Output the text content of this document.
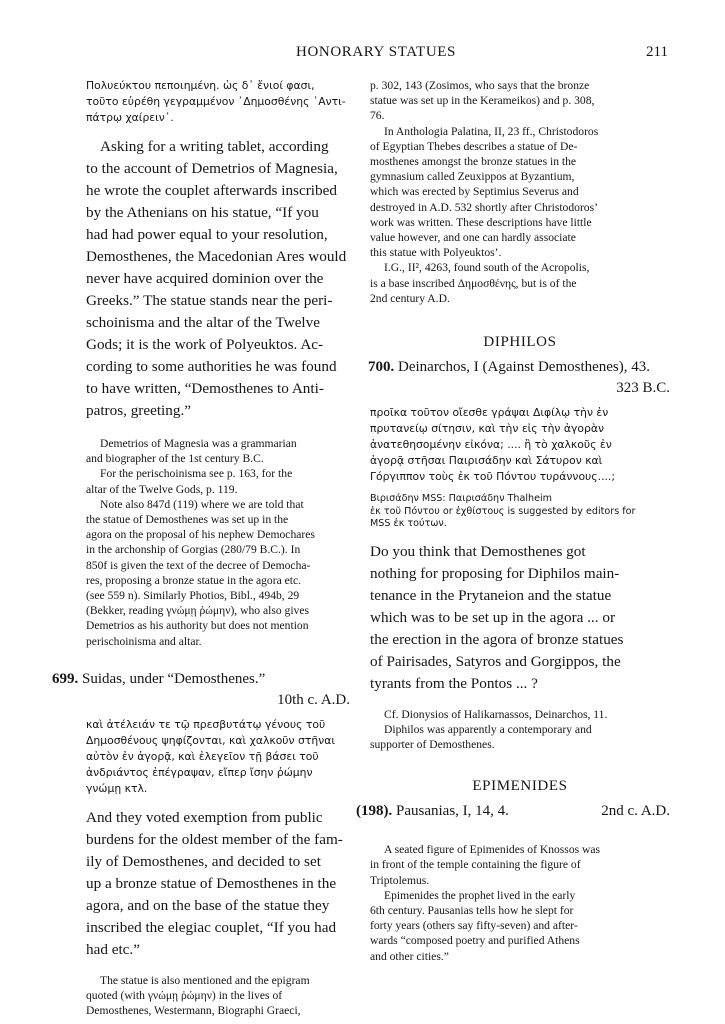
HONORARY STATUES	211

Πολυεύκτου πεποιημένη. ὡς δ᾽ ἔνιοί φασι,

τοῦτο εὑρέθη γεγραμμένον ᾽Δημοσθένης ᾽Αντι-

πάτρῳ χαίρειν᾽.

Asking for a writing tablet, according

to the account of Demetrios of Magnesia,

he wrote the couplet afterwards inscribed

by the Athenians on his statue, “If you

had had power equal to your resolution,

Demosthenes, the Macedonian Ares would

never have acquired dominion over the

Greeks.” The statue stands near the peri-

schoinisma and the altar of the Twelve

Gods; it is the work of Polyeuktos. Ac-

cording to some authorities he was found

to have written, “Demosthenes to Anti-

patros, greeting.”

Demetrios of Magnesia was a grammarian

and biographer of the 1st century B.C.

For the perischoinisma see p. 163, for the

altar of the Twelve Gods, p. 119.

Note also 847d (119) where we are told that

the statue of Demosthenes was set up in the

agora on the proposal of his nephew Demochares

in the archonship of Gorgias (280/79 B.C.). In

850f is given the text of the decree of Democha-

res, proposing a bronze statue in the agora etc.

(see 559 n). Similarly Photios, Bibl., 494b, 29

(Bekker, reading γνώμῃ ῥώμην), who also gives

Demetrios as his authority but does not mention

perischoinisma and altar.

699. Suidas, under “Demosthenes.”

10th c. A.D.

καὶ ἀτέλειάν τε τῷ πρεσβυτάτῳ γένους τοῦ

Δημοσθένους ψηφίζονται, καὶ χαλκοῦν στῆναι

αὐτὸν ἐν ἀγορᾷ, καὶ ἐλεγεῖον τῇ βάσει τοῦ

ἀνδριάντος ἐπέγραψαν, εἴπερ ἴσην ῥώμην

γνώμῃ κτλ.

And they voted exemption from public

burdens for the oldest member of the fam-

ily of Demosthenes, and decided to set

up a bronze statue of Demosthenes in the

agora, and on the base of the statue they

inscribed the elegiac couplet, “If you had

had etc.”

The statue is also mentioned and the epigram

quoted (with γνώμῃ ῥώμην) in the lives of

Demosthenes, Westermann, Biographi Graeci,

p. 302, 143 (Zosimos, who says that the bronze

statue was set up in the Kerameikos) and p. 308,

76.

In Anthologia Palatina, II, 23 ff., Christodoros

of Egyptian Thebes describes a statue of De-

mosthenes amongst the bronze statues in the

gymnasium called Zeuxippos at Byzantium,

which was erected by Septimius Severus and

destroyed in A.D. 532 shortly after Christodoros’

work was written. These descriptions have little

value however, and one can hardly associate

this statue with Polyeuktos’.

I.G., II², 4263, found south of the Acropolis,

is a base inscribed Δημοσθένης, but is of the

2nd century A.D.

DIPHILOS

700. Deinarchos, I (Against Demosthenes), 43.

323 B.C.

προῖκα τοῦτον οἴεσθε γράψαι Διφίλῳ τὴν ἐν

πρυτανείῳ σίτησιν, καὶ τὴν εἰς τὴν ἀγορὰν

ἀνατεθησομένην εἰκόνα; .... ἢ τὸ χαλκοῦς ἐν

ἀγορᾷ στῆσαι Παιρισάδην καὶ Σάτυρον καὶ

Γόργιππον τοὺς ἐκ τοῦ Πόντου τυράννους....;

Βιρισάδην MSS: Παιρισάδην Thalheim

ἐκ τοῦ Πόντου or ἐχθίστους is suggested by editors for

MSS ἐκ τούτων.

Do you think that Demosthenes got

nothing for proposing for Diphilos main-

tenance in the Prytaneion and the statue

which was to be set up in the agora ... or

the erection in the agora of bronze statues

of Pairisades, Satyros and Gorgippos, the

tyrants from the Pontos ... ?

Cf. Dionysios of Halikarnassos, Deinarchos, 11.

Diphilos was apparently a contemporary and

supporter of Demosthenes.

EPIMENIDES

(198). Pausanias, I, 14, 4.	2nd c. A.D.

A seated figure of Epimenides of Knossos was

in front of the temple containing the figure of

Triptolemus.

Epimenides the prophet lived in the early

6th century. Pausanias tells how he slept for

forty years (others say fifty-seven) and after-

wards “composed poetry and purified Athens

and other cities.”
